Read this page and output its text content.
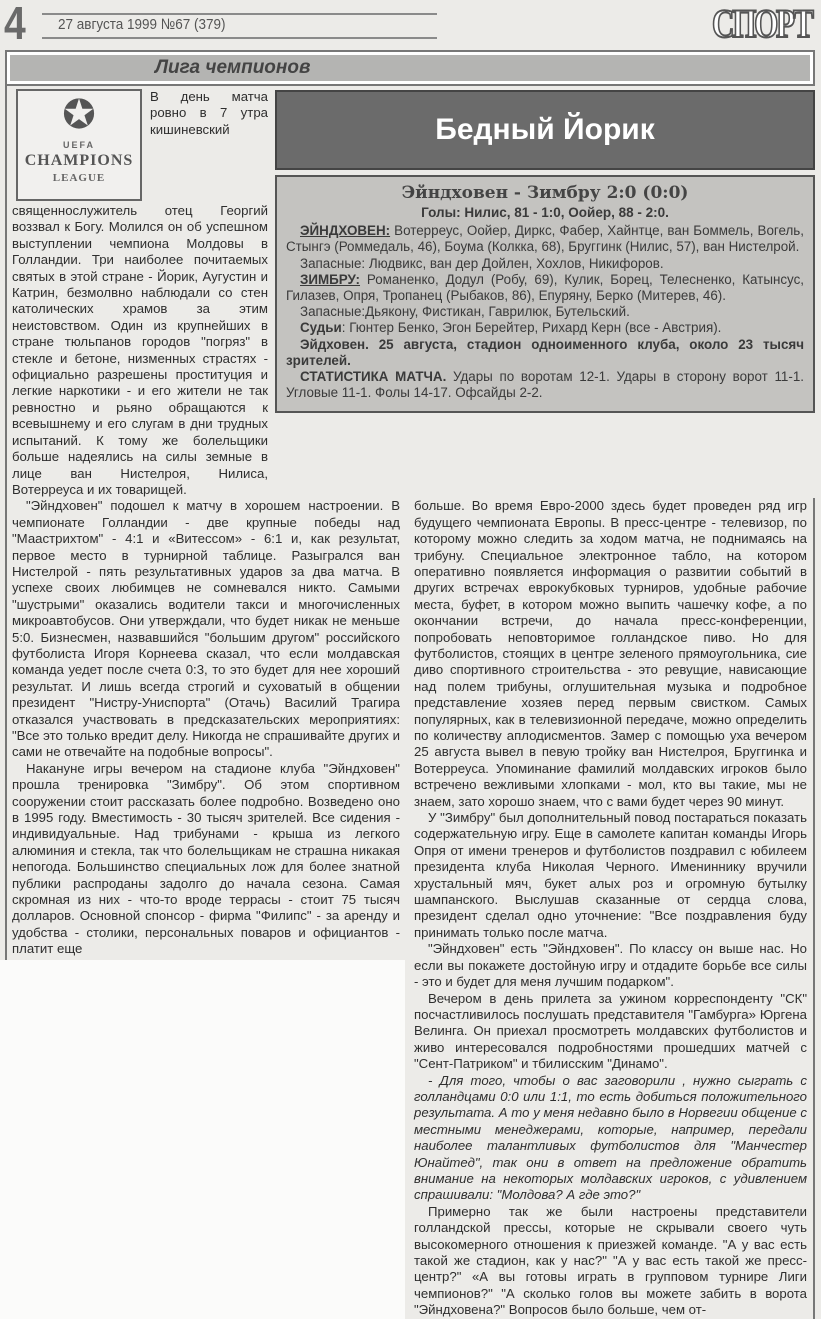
4 27 августа 1999 №67 (379)	СПОРТ
Лига чемпионов
✪
UEFA
CHAMPIONS
LEAGUE

В день матча ровно в 7 утра кишиневский священнослужитель отец Георгий воззвал к Богу. Молился он об успешном выступлении чемпиона Молдовы в Голландии. Три наиболее почитаемых святых в этой стране - Йорик, Аугустин и Катрин, безмолвно наблюдали со стен католических храмов за этим неистовством. Один из крупнейших в стране тюльпанов городов "погряз" в стекле и бетоне, низменных страстях - официально разрешены проституция и легкие наркотики - и его жители не так ревностно и рьяно обращаются к всевышнему и его слугам в дни трудных испытаний. К тому же болельщики больше надеялись на силы земные в лице ван Нистелроя, Нилиса, Вотерреуса и их товарищей.

Бедный Йорик
Эйндховен - Зимбру 2:0 (0:0)
Голы: Нилис, 81 - 1:0, Оойер, 88 - 2:0.

ЭЙНДХОВЕН: Вотерреус, Оойер, Диркс, Фабер, Хайнтце, ван Боммель, Вогель, Стынгэ (Роммедаль, 46), Боума (Колкка, 68), Бруггинк (Нилис, 57), ван Нистелрой.

Запасные: Людвикс, ван дер Дойлен, Хохлов, Никифоров.

ЗИМБРУ: Романенко, Додул (Робу, 69), Кулик, Борец, Телесненко, Катынсус, Гилазев, Опря, Тропанец (Рыбаков, 86), Епуряну, Берко (Митерев, 46).

Запасные:Дьякону, Фистикан, Гаврилюк, Бутельский.

Судьи: Гюнтер Бенко, Эгон Берейтер, Рихард Керн (все - Австрия).

Эйдховен. 25 августа, стадион одноименного клуба, около 23 тысяч зрителей.

СТАТИСТИКА МАТЧА. Удары по воротам 12-1. Удары в сторону ворот 11-1. Угловые 11-1. Фолы 14-17. Офсайды 2-2.

"Эйндховен" подошел к матчу в хорошем настроении. В чемпионате Голландии - две крупные победы над "Маастрихтом" - 4:1 и «Витессом» - 6:1 и, как результат, первое место в турнирной таблице. Разыгрался ван Нистелрой - пять результативных ударов за два матча. В успехе своих любимцев не сомневался никто. Самыми "шустрыми" оказались водители такси и многочисленных микроавтобусов. Они утверждали, что будет никак не меньше 5:0. Бизнесмен, назвавшийся "большим другом" российского футболиста Игоря Корнеева сказал, что если молдавская команда уедет после счета 0:3, то это будет для нее хороший результат. И лишь всегда строгий и суховатый в общении президент "Нистру-Униспорта" (Отачь) Василий Трагира отказался участвовать в предсказательских мероприятиях: "Все это только вредит делу. Никогда не спрашивайте других и сами не отвечайте на подобные вопросы".

Накануне игры вечером на стадионе клуба "Эйндховен" прошла тренировка "Зимбру". Об этом спортивном сооружении стоит рассказать более подробно. Возведено оно в 1995 году. Вместимость - 30 тысяч зрителей. Все сидения - индивидуальные. Над трибунами - крыша из легкого алюминия и стекла, так что болельщикам не страшна никакая непогода. Большинство специальных лож для более знатной публики распроданы задолго до начала сезона. Самая скромная из них - что-то вроде террасы - стоит 75 тысяч долларов. Основной спонсор - фирма "Филипс" - за аренду и удобства - столики, персональных поваров и официантов - платит еще

больше. Во время Евро-2000 здесь будет проведен ряд игр будущего чемпионата Европы. В пресс-центре - телевизор, по которому можно следить за ходом матча, не поднимаясь на трибуну. Специальное электронное табло, на котором оперативно появляется информация о развитии событий в других встречах еврокубковых турниров, удобные рабочие места, буфет, в котором можно выпить чашечку кофе, а по окончании встречи, до начала пресс-конференции, попробовать неповторимое голландское пиво. Но для футболистов, стоящих в центре зеленого прямоугольника, сие диво спортивного строительства - это ревущие, нависающие над полем трибуны, оглушительная музыка и подробное представление хозяев перед первым свистком. Самых популярных, как в телевизионной передаче, можно определить по количеству аплодисментов. Замер с помощью уха вечером 25 августа вывел в певую тройку ван Нистелроя, Бруггинка и Вотерреуса. Упоминание фамилий молдавских игроков было встречено вежливыми хлопками - мол, кто вы такие, мы не знаем, зато хорошо знаем, что с вами будет через 90 минут.

У "Зимбру" был дополнительный повод постараться показать содержательную игру. Еще в самолете капитан команды Игорь Опря от имени тренеров и футболистов поздравил с юбилеем президента клуба Николая Черного. Имениннику вручили хрустальный мяч, букет алых роз и огромную бутылку шампанского. Выслушав сказанные от сердца слова, президент сделал одно уточнение: "Все поздравления буду принимать только после матча.

"Эйндховен" есть "Эйндховен". По классу он выше нас. Но если вы покажете достойную игру и отдадите борьбе все силы - это и будет для меня лучшим подарком".

Вечером в день прилета за ужином корреспонденту "СК" посчастливилось послушать представителя "Гамбурга» Юргена Велинга. Он приехал просмотреть молдавских футболистов и живо интересовался подробностями прошедших матчей с "Сент-Патриком" и тбилисским "Динамо".

- Для того, чтобы о вас заговорили , нужно сыграть с голландцами 0:0 или 1:1, то есть добиться положительного результата. А то у меня недавно было в Норвегии общение с местными менеджерами, которые, например, передали наиболее талантливых футболистов для "Манчестер Юнайтед", так они в ответ на предложение обратить внимание на некоторых молдавских игроков, с удивлением спрашивали: "Молдова? А где это?"

Примерно так же были настроены представители голландской прессы, которые не скрывали своего чуть высокомерного отношения к приезжей команде. "А у вас есть такой же стадион, как у нас?" "А у вас есть такой же пресс-центр?" «А вы готовы играть в групповом турнире Лиги чемпионов?" "А сколько голов вы можете забить в ворота "Эйндховена?" Вопросов было больше, чем от-
